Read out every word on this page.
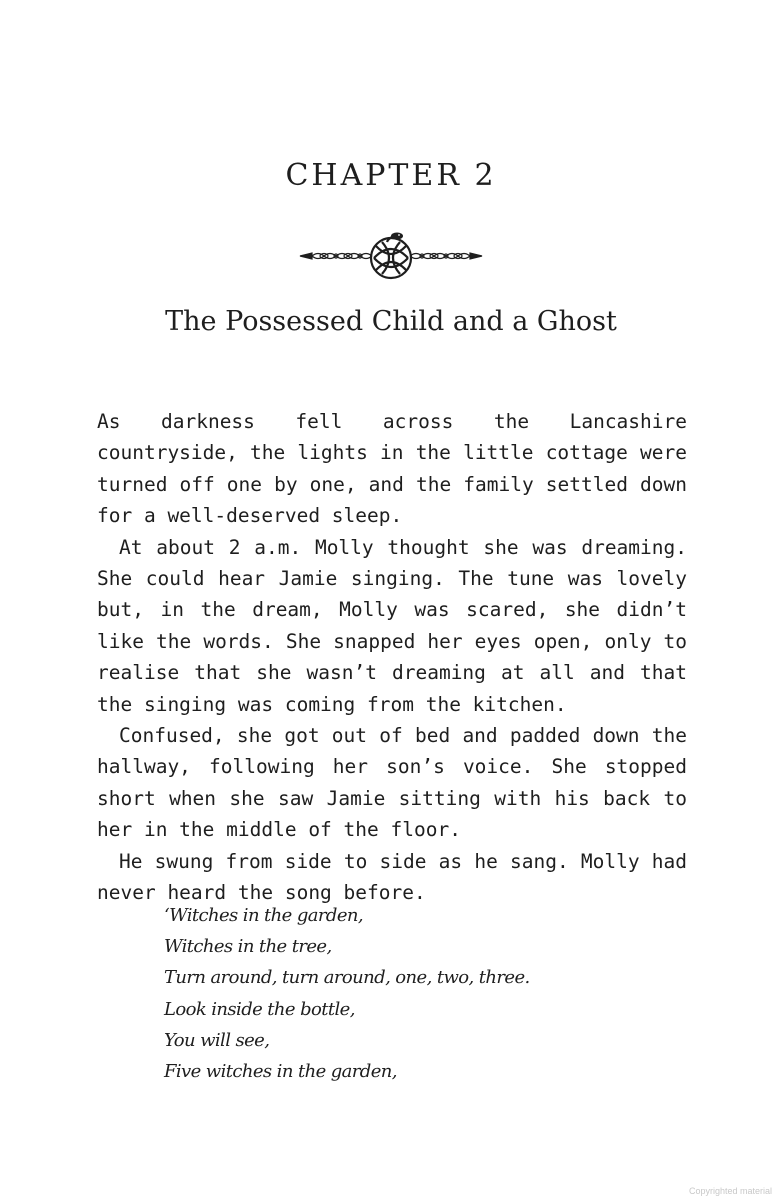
CHAPTER 2
The Possessed Child and a Ghost

As darkness fell across the Lancashire countryside, the lights in the little cottage were turned off one by one, and the family settled down for a well-deserved sleep.

At about 2 a.m. Molly thought she was dreaming. She could hear Jamie singing. The tune was lovely but, in the dream, Molly was scared, she didn’t like the words. She snapped her eyes open, only to realise that she wasn’t dreaming at all and that the singing was coming from the kitchen.

Confused, she got out of bed and padded down the hallway, following her son’s voice. She stopped short when she saw Jamie sitting with his back to her in the middle of the floor.

He swung from side to side as he sang. Molly had never heard the song before.

‘Witches in the garden,
Witches in the tree,
Turn around, turn around, one, two, three.
Look inside the bottle,
You will see,
Five witches in the garden,
Copyrighted material
